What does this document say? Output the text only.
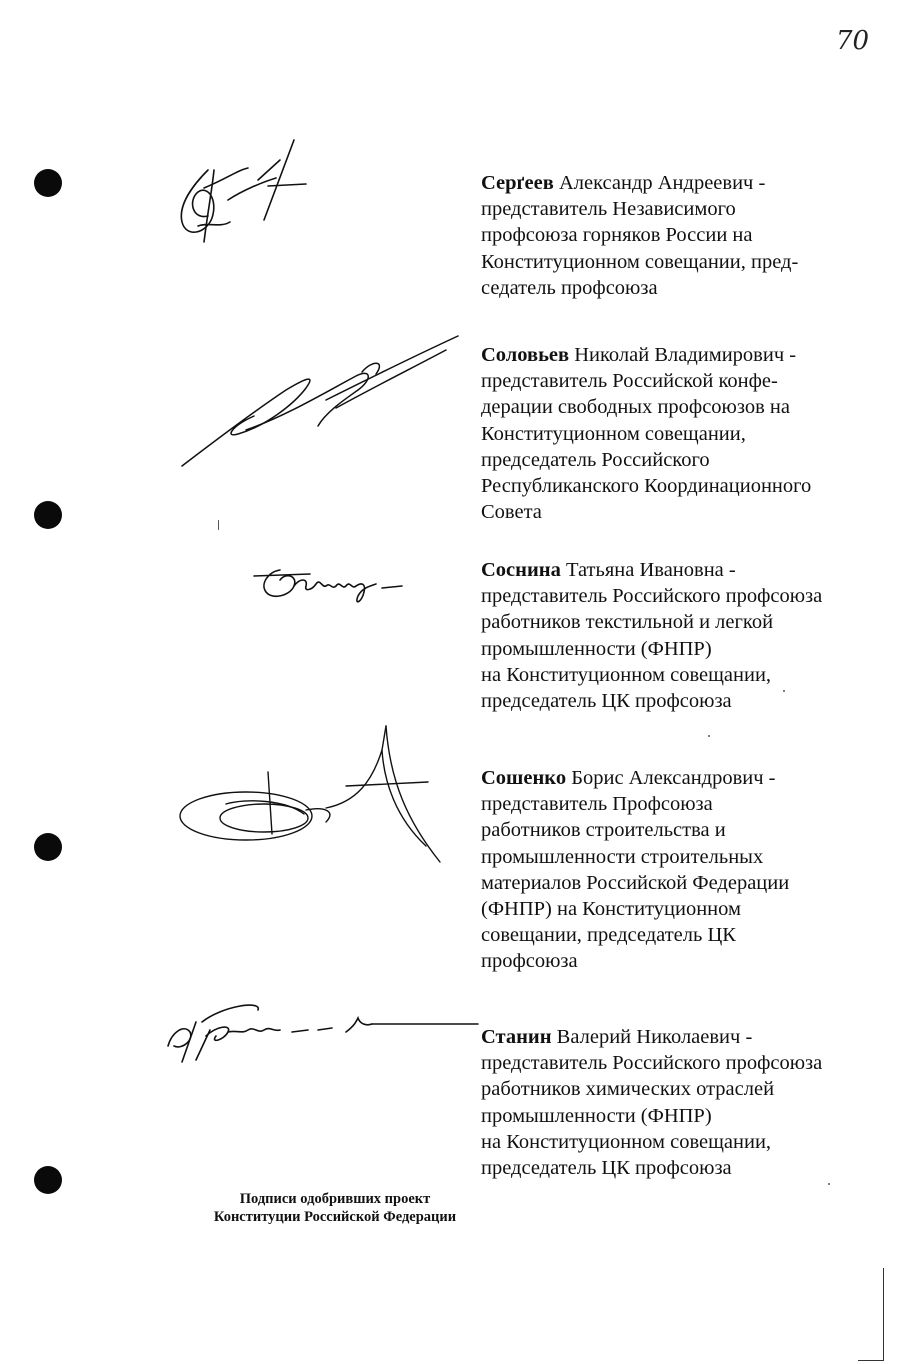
70
Серґеев Александр Андреевич -
представитель Независимого
профсоюза горняков России на
Конституционном совещании, пред-
седатель профсоюза
Соловьев Николай Владимирович -
представитель Российской конфе-
дерации свободных профсоюзов на
Конституционном совещании,
председатель Российского
Республиканского Координационного
Совета
Соснина Татьяна Ивановна -
представитель Российского профсоюза
работников текстильной и легкой
промышленности (ФНПР)
на Конституционном совещании,
председатель ЦК профсоюза
Сошенко Борис Александрович -
представитель Профсоюза
работников строительства и
промышленности строительных
материалов Российской Федерации
(ФНПР) на Конституционном
совещании, председатель ЦК
профсоюза
Станин Валерий Николаевич -
представитель Российского профсоюза
работников химических отраслей
промышленности (ФНПР)
на Конституционном совещании,
председатель ЦК профсоюза
Подписи одобривших проект
Конституции Российской Федерации
